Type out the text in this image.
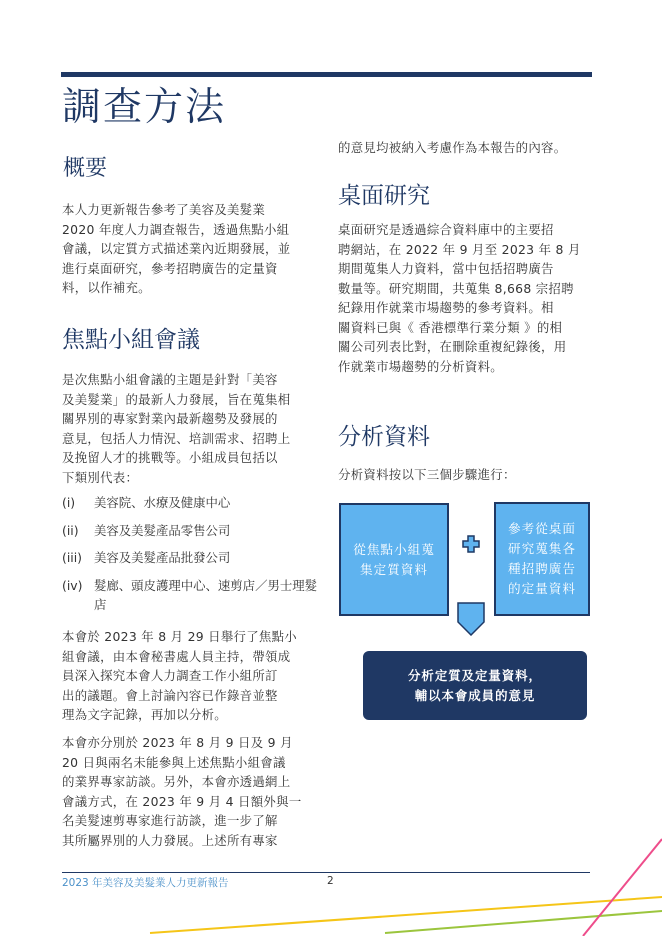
調查方法
概要
本人力更新報告參考了美容及美髮業
2020 年度人力調查報告，透過焦點小組
會議，以定質方式描述業內近期發展，並
進行桌面研究，參考招聘廣告的定量資
料，以作補充。
焦點小組會議
是次焦點小組會議的主題是針對「美容
及美髮業」的最新人力發展，旨在蒐集相
關界別的專家對業內最新趨勢及發展的
意見，包括人力情況、培訓需求、招聘上
及挽留人才的挑戰等。小組成員包括以
下類別代表：
(i)	美容院、水療及健康中心
(ii)	美容及美髮產品零售公司
(iii) 美容及美髮產品批發公司
(iv) 髮廊、頭皮護理中心、速剪店／男士理髮店
本會於 2023 年 8 月 29 日舉行了焦點小
組會議，由本會秘書處人員主持，帶領成
員深入探究本會人力調查工作小組所訂
出的議題。會上討論內容已作錄音並整
理為文字記錄，再加以分析。
本會亦分別於 2023 年 8 月 9 日及 9 月
20 日與兩名未能參與上述焦點小組會議
的業界專家訪談。另外，本會亦透過網上
會議方式，在 2023 年 9 月 4 日額外與一
名美髮速剪專家進行訪談，進一步了解
其所屬界別的人力發展。上述所有專家
的意見均被納入考慮作為本報告的內容。
桌面研究
桌面研究是透過綜合資料庫中的主要招
聘網站，在 2022 年 9 月至 2023 年 8 月
期間蒐集人力資料，當中包括招聘廣告
數量等。研究期間，共蒐集 8,668 宗招聘
紀錄用作就業市場趨勢的參考資料。相
關資料已與《 香港標準行業分類 》的相
關公司列表比對，在刪除重複紀錄後，用
作就業市場趨勢的分析資料。
分析資料
分析資料按以下三個步驟進行：
從焦點小組蒐集定質資料
參考從桌面研究蒐集各種招聘廣告的定量資料
分析定質及定量資料，
輔以本會成員的意見
2023 年美容及美髮業人力更新報告	2
